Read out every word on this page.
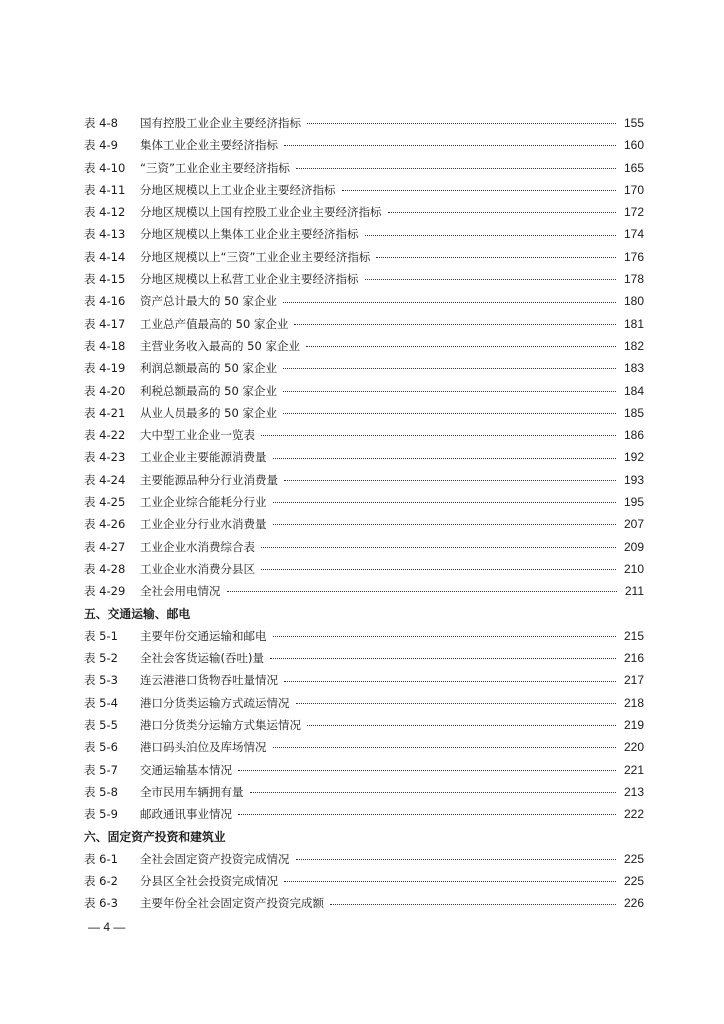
表 4-8	国有控股工业企业主要经济指标	155
表 4-9	集体工业企业主要经济指标	160
表 4-10	“三资”工业企业主要经济指标	165
表 4-11	分地区规模以上工业企业主要经济指标	170
表 4-12	分地区规模以上国有控股工业企业主要经济指标	172
表 4-13	分地区规模以上集体工业企业主要经济指标	174
表 4-14	分地区规模以上“三资”工业企业主要经济指标	176
表 4-15	分地区规模以上私营工业企业主要经济指标	178
表 4-16	资产总计最大的 50 家企业	180
表 4-17	工业总产值最高的 50 家企业	181
表 4-18	主营业务收入最高的 50 家企业	182
表 4-19	利润总额最高的 50 家企业	183
表 4-20	利税总额最高的 50 家企业	184
表 4-21	从业人员最多的 50 家企业	185
表 4-22	大中型工业企业一览表	186
表 4-23	工业企业主要能源消费量	192
表 4-24	主要能源品种分行业消费量	193
表 4-25	工业企业综合能耗分行业	195
表 4-26	工业企业分行业水消费量	207
表 4-27	工业企业水消费综合表	209
表 4-28	工业企业水消费分县区	210
表 4-29	全社会用电情况	211
五、交通运输、邮电
表 5-1	主要年份交通运输和邮电	215
表 5-2	全社会客货运输(吞吐)量	216
表 5-3	连云港港口货物吞吐量情况	217
表 5-4	港口分货类运输方式疏运情况	218
表 5-5	港口分货类分运输方式集运情况	219
表 5-6	港口码头泊位及库场情况	220
表 5-7	交通运输基本情况	221
表 5-8	全市民用车辆拥有量	213
表 5-9	邮政通讯事业情况	222
六、固定资产投资和建筑业
表 6-1	全社会固定资产投资完成情况	225
表 6-2	分县区全社会投资完成情况	225
表 6-3	主要年份全社会固定资产投资完成额	226
— 4 —
